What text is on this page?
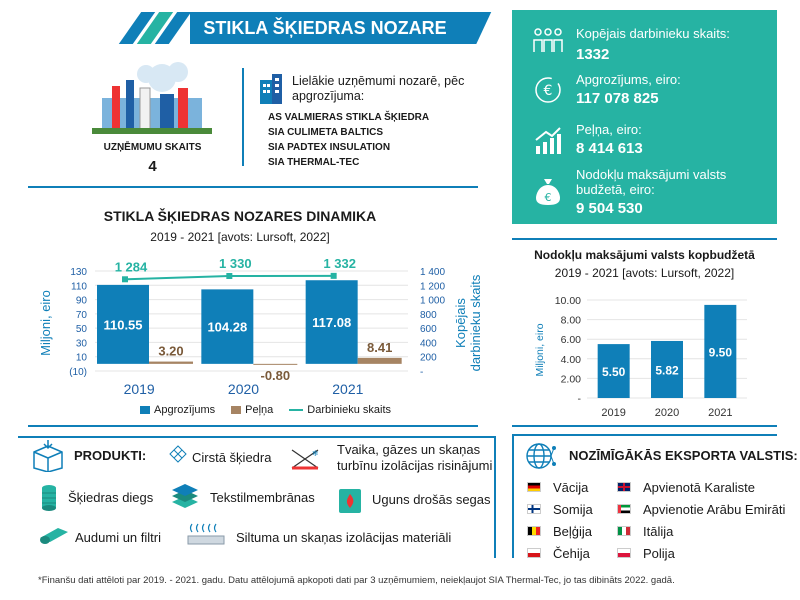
STIKLA ŠĶIEDRAS NOZARE
UZŅĒMUMU SKAITS
4
Lielākie uzņēmumi nozarē, pēc apgrozījuma:
AS VALMIERAS STIKLA ŠĶIEDRA
SIA CULIMETA BALTICS
SIA PADTEX INSULATION
SIA THERMAL-TEC
Kopējais darbinieku skaits:
1332
€
Apgrozījums, eiro:
117 078 825
Peļņa, eiro:
8 414 613
€
Nodokļu maksājumi valsts budžetā, eiro:
9 504 530
STIKLA ŠĶIEDRAS NOZARES DINAMIKA
2019 - 2021 [avots: Lursoft, 2022]
130
110
90
70
50
30
10
(10)
1 400
1 200
1 000
800
600
400
200
-
Miljoni, eiro	Kopējaisdarbinieku skaits
110.55
3.20
2019
104.28
-0.80
2020
117.08
8.41
2021
1 284	1 330	1 332
Apgrozījums	Peļņa	Darbinieku skaits
Nodokļu maksājumi valsts kopbudžetā
2019 - 2021 [avots: Lursoft, 2022]
10.00
8.00
6.00
4.00
2.00
-
Miljoni, eiro	5.50
2019
5.82
2020
9.50
2021
PRODUKTI:	Cirstā šķiedra	❄ Tvaika, gāzes un skaņas turbīnu izolācijas risinājumi
Šķiedras diegs	Tekstilmembrānas	Uguns drošās segas
Audumi un filtri	Siltuma un skaņas izolācijas materiāli
NOZĪMĪGĀKĀS EKSPORTA VALSTIS:
Vācija
Somija
Beļģija
Čehija
Apvienotā Karaliste
Apvienotie Arābu Emirāti
Itālija
Polija
*Finanšu dati attēloti par 2019. - 2021. gadu. Datu attēlojumā apkopoti dati par 3 uzņēmumiem, neiekļaujot SIA Thermal-Tec, jo tas dibināts 2022. gadā.
